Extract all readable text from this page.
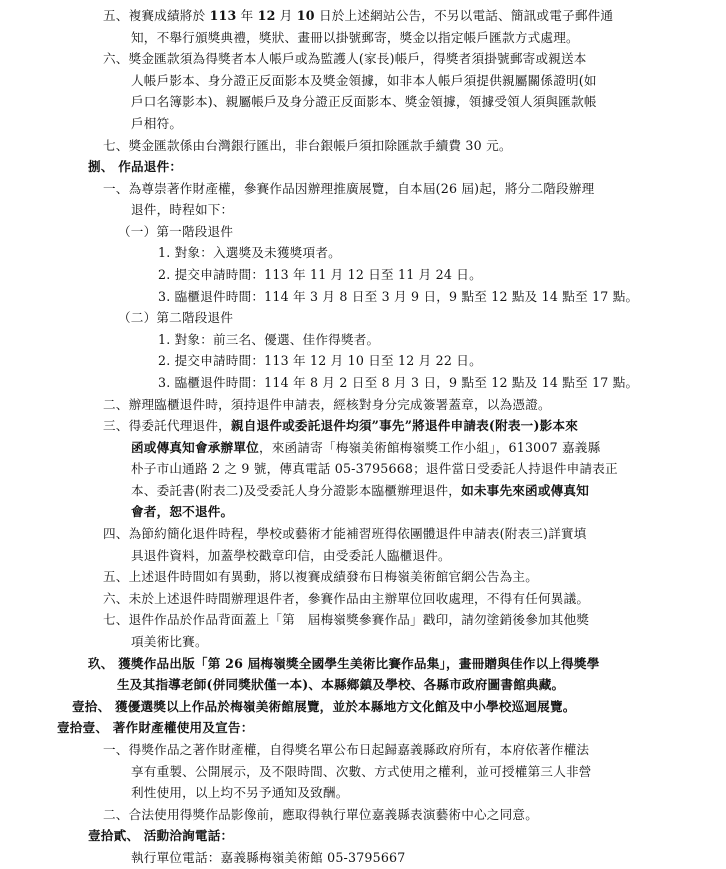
五、複賽成績將於 113 年 12 月 10 日於上述網站公告，不另以電話、簡訊或電子郵件通
知，不舉行頒獎典禮，獎狀、畫冊以掛號郵寄，獎金以指定帳戶匯款方式處理。
六、獎金匯款須為得獎者本人帳戶或為監護人(家長)帳戶，得獎者須掛號郵寄或親送本
人帳戶影本、身分證正反面影本及獎金領據，如非本人帳戶須提供親屬關係證明(如
戶口名簿影本)、親屬帳戶及身分證正反面影本、獎金領據，領據受領人須與匯款帳
戶相符。
七、獎金匯款係由台灣銀行匯出，非台銀帳戶須扣除匯款手續費 30 元。
捌、 作品退件：
一、為尊崇著作財產權，參賽作品因辦理推廣展覽，自本屆(26 屆)起，將分二階段辦理
退件，時程如下：
（一）第一階段退件
1. 對象：入選獎及未獲獎項者。
2. 提交申請時間：113 年 11 月 12 日至 11 月 24 日。
3. 臨櫃退件時間：114 年 3 月 8 日至 3 月 9 日，9 點至 12 點及 14 點至 17 點。
（二）第二階段退件
1. 對象：前三名、優選、佳作得獎者。
2. 提交申請時間：113 年 12 月 10 日至 12 月 22 日。
3. 臨櫃退件時間：114 年 8 月 2 日至 8 月 3 日，9 點至 12 點及 14 點至 17 點。
二、辦理臨櫃退件時，須持退件申請表，經核對身分完成簽署蓋章，以為憑證。
三、得委託代理退件，親自退件或委託退件均須”事先”將退件申請表(附表一)影本來
函或傳真知會承辦單位，來函請寄「梅嶺美術館梅嶺獎工作小組」，613007 嘉義縣
朴子市山通路 2 之 9 號，傳真電話 05-3795668；退件當日受委託人持退件申請表正
本、委託書(附表二)及受委託人身分證影本臨櫃辦理退件，如未事先來函或傳真知
會者，恕不退件。
四、為節約簡化退件時程，學校或藝術才能補習班得依團體退件申請表(附表三)詳實填
具退件資料，加蓋學校戳章印信，由受委託人臨櫃退件。
五、上述退件時間如有異動，將以複賽成績發布日梅嶺美術館官網公告為主。
六、未於上述退件時間辦理退件者，參賽作品由主辦單位回收處理，不得有任何異議。
七、退件作品於作品背面蓋上「第　屆梅嶺獎參賽作品」戳印，請勿塗銷後參加其他獎
項美術比賽。
玖、 獲獎作品出版「第 26 屆梅嶺獎全國學生美術比賽作品集」，畫冊贈與佳作以上得獎學
生及其指導老師(併同獎狀僅一本)、本縣鄉鎮及學校、各縣市政府圖書館典藏。
壹拾、 獲優選獎以上作品於梅嶺美術館展覽，並於本縣地方文化館及中小學校巡迴展覽。
壹拾壹、 著作財產權使用及宣告：
一、得獎作品之著作財產權，自得獎名單公布日起歸嘉義縣政府所有，本府依著作權法
享有重製、公開展示，及不限時間、次數、方式使用之權利，並可授權第三人非營
利性使用，以上均不另予通知及致酬。
二、合法使用得獎作品影像前，應取得執行單位嘉義縣表演藝術中心之同意。
壹拾貳、 活動洽詢電話：
執行單位電話：嘉義縣梅嶺美術館 05-3795667
